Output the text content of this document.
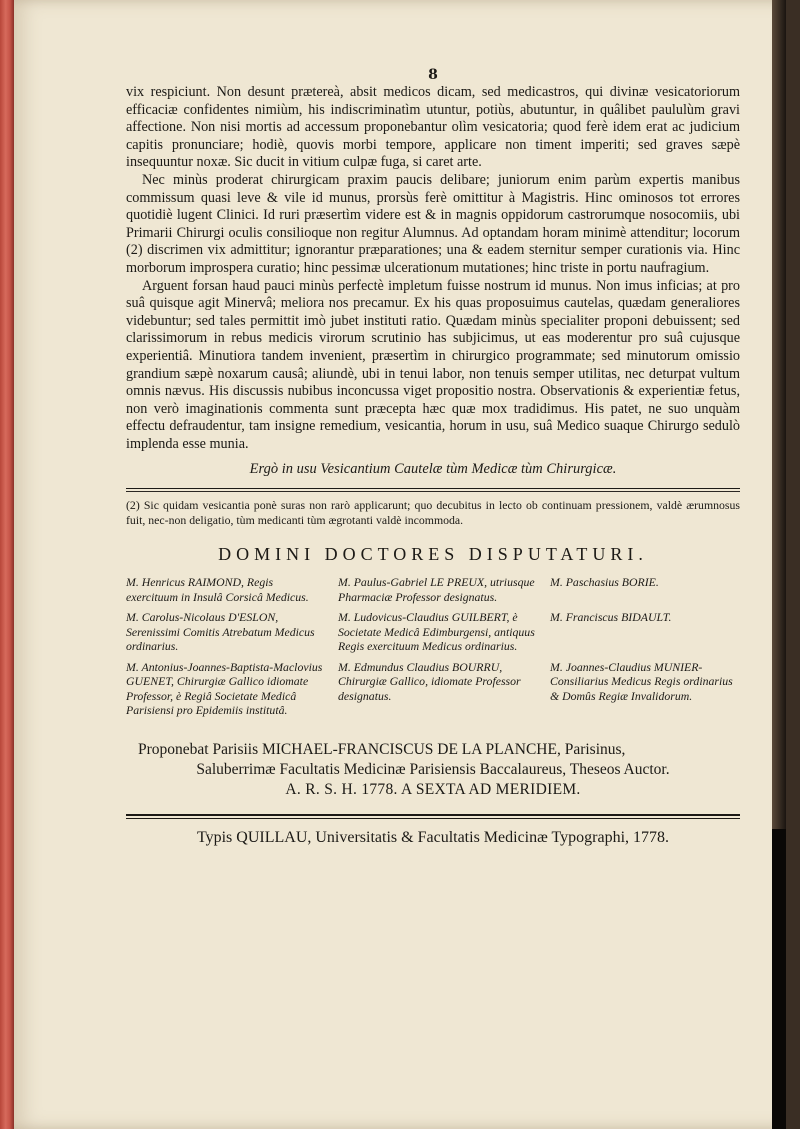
8

vix respiciunt. Non desunt prætereà, absit medicos dicam, sed medicastros, qui divinæ vesicatoriorum efficaciæ confidentes nimiùm, his indiscriminatìm utuntur, potiùs, abutuntur, in quâlibet paululùm gravi affectione. Non nisi mortis ad accessum proponebantur olìm vesicatoria; quod ferè idem erat ac judicium capitis pronunciare; hodiè, quovis morbi tempore, applicare non timent imperiti; sed graves sæpè insequuntur noxæ. Sic ducit in vitium culpæ fuga, si caret arte.

Nec minùs proderat chirurgicam praxim paucis delibare; juniorum enim parùm expertis manibus commissum quasi leve & vile id munus, prorsùs ferè omittitur à Magistris. Hinc ominosos tot errores quotidiè lugent Clinici. Id ruri præsertìm videre est & in magnis oppidorum castrorumque nosocomiis, ubi Primarii Chirurgi oculis consilioque non regitur Alumnus. Ad optandam horam minimè attenditur; locorum (2) discrimen vix admittitur; ignorantur præparationes; una & eadem sternitur semper curationis via. Hinc morborum improspera curatio; hinc pessimæ ulcerationum mutationes; hinc triste in portu naufragium.

Arguent forsan haud pauci minùs perfectè impletum fuisse nostrum id munus. Non imus inficias; at pro suâ quisque agit Minervâ; meliora nos precamur. Ex his quas proposuimus cautelas, quædam generaliores videbuntur; sed tales permittit imò jubet instituti ratio. Quædam minùs specialiter proponi debuissent; sed clarissimorum in rebus medicis virorum scrutinio has subjicimus, ut eas moderentur pro suâ cujusque experientiâ. Minutiora tandem invenient, præsertìm in chirurgico programmate; sed minutorum omissio grandium sæpè noxarum causâ; aliundè, ubi in tenui labor, non tenuis semper utilitas, nec deturpat vultum omnis nævus. His discussis nubibus inconcussa viget propositio nostra. Observationis & experientiæ fetus, non verò imaginationis commenta sunt præcepta hæc quæ mox tradidimus. His patet, ne suo unquàm effectu defraudentur, tam insigne remedium, vesicantia, horum in usu, suâ Medico suaque Chirurgo sedulò implenda esse munia.

Ergò in usu Vesicantium Cautelæ tùm Medicæ tùm Chirurgicæ.

(2) Sic quidam vesicantia ponè suras non rarò applicarunt; quo decubitus in lecto ob continuam pressionem, valdè ærumnosus fuit, nec-non deligatio, tùm medicanti tùm ægrotanti valdè incommoda.

DOMINI DOCTORES DISPUTATURI.
M. Henricus RAIMOND, Regis exercituum in Insulâ Corsicâ Medicus.
M. Paulus-Gabriel LE PREUX, utriusque Pharmaciæ Professor designatus.
M. Paschasius BORIE.
M. Carolus-Nicolaus D'ESLON, Serenissimi Comitis Atrebatum Medicus ordinarius.
M. Ludovicus-Claudius GUILBERT, è Societate Medicâ Edimburgensi, antiquus Regis exercituum Medicus ordinarius.
M. Franciscus BIDAULT.
M. Antonius-Joannes-Baptista-Maclovius GUENET, Chirurgiæ Gallico idiomate Professor, è Regiâ Societate Medicâ Parisiensi pro Epidemiis institutâ.
M. Edmundus Claudius BOURRU, Chirurgiæ Gallico, idiomate Professor designatus.
M. Joannes-Claudius MUNIER-Consiliarius Medicus Regis ordinarius & Domûs Regiæ Invalidorum.
Proponebat Parisiis MICHAEL-FRANCISCUS DE LA PLANCHE, Parisinus,
Saluberrimæ Facultatis Medicinæ Parisiensis Baccalaureus, Theseos Auctor.
A. R. S. H. 1778. A SEXTA AD MERIDIEM.
Typis QUILLAU, Universitatis & Facultatis Medicinæ Typographi, 1778.
